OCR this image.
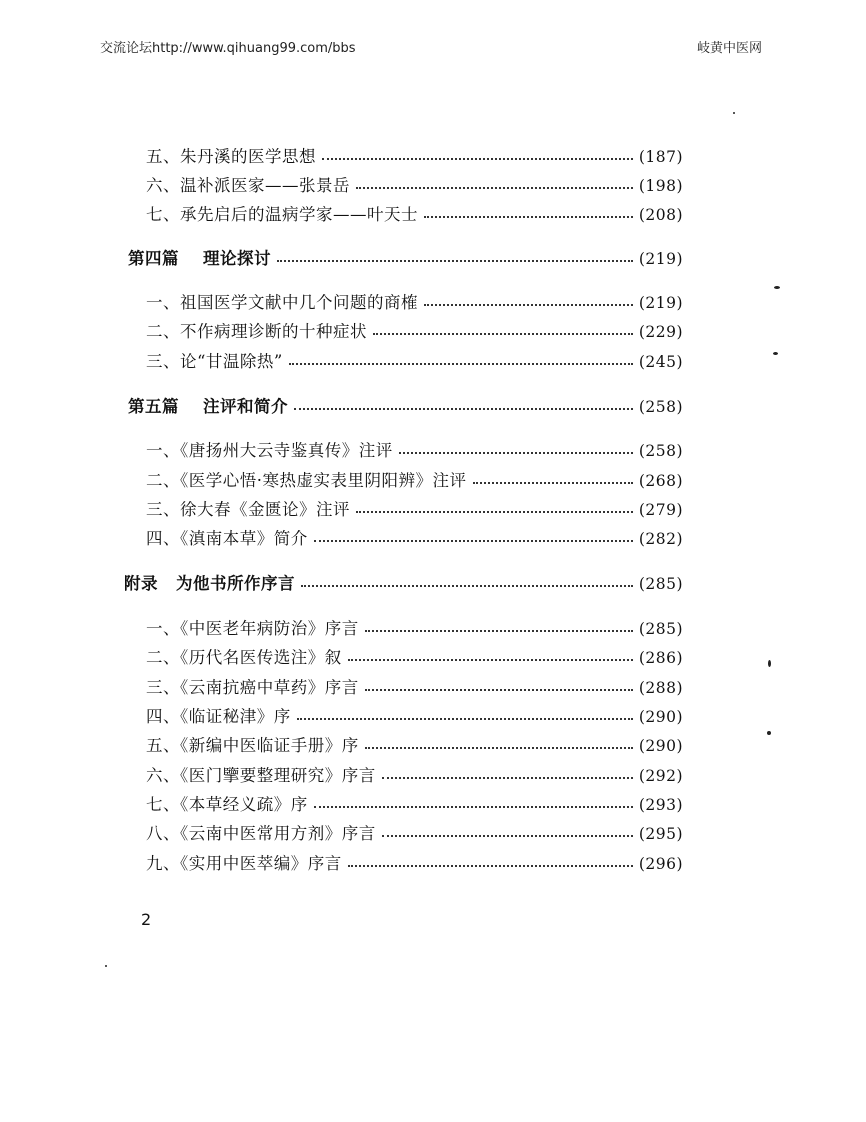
交流论坛http://www.qihuang99.com/bbs	岐黄中医网
五、朱丹溪的医学思想	(187)
六、温补派医家——张景岳	(198)
七、承先启后的温病学家——叶天士	(208)
第四篇 理论探讨	(219)
一、祖国医学文献中几个问题的商榷	(219)
二、不作病理诊断的十种症状	(229)
三、论“甘温除热”	(245)
第五篇 注评和简介	(258)
一、《唐扬州大云寺鉴真传》注评	(258)
二、《医学心悟·寒热虚实表里阴阳辨》注评	(268)
三、徐大春《金匮论》注评	(279)
四、《滇南本草》简介	(282)
附录 为他书所作序言	(285)
一、《中医老年病防治》序言	(285)
二、《历代名医传选注》叙	(286)
三、《云南抗癌中草药》序言	(288)
四、《临证秘津》序	(290)
五、《新编中医临证手册》序	(290)
六、《医门擥要整理研究》序言	(292)
七、《本草经义疏》序	(293)
八、《云南中医常用方剂》序言	(295)
九、《实用中医萃编》序言	(296)
2
